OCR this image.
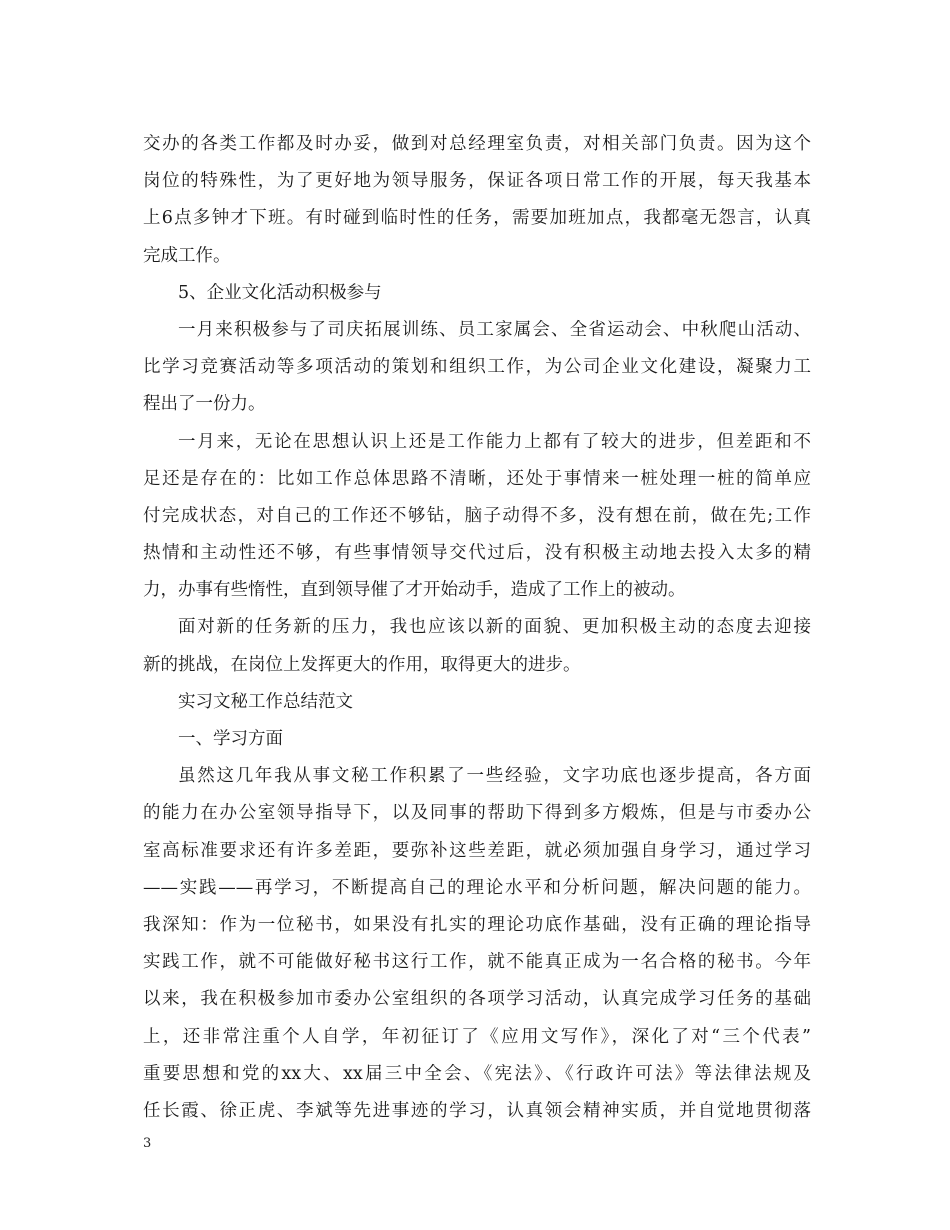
交办的各类工作都及时办妥，做到对总经理室负责，对相关部门负责。因为这个
岗位的特殊性，为了更好地为领导服务，保证各项日常工作的开展，每天我基本
上6点多钟才下班。有时碰到临时性的任务，需要加班加点，我都毫无怨言，认真
完成工作。
5、企业文化活动积极参与
一月来积极参与了司庆拓展训练、员工家属会、全省运动会、中秋爬山活动、
比学习竞赛活动等多项活动的策划和组织工作，为公司企业文化建设，凝聚力工
程出了一份力。
一月来，无论在思想认识上还是工作能力上都有了较大的进步，但差距和不
足还是存在的：比如工作总体思路不清晰，还处于事情来一桩处理一桩的简单应
付完成状态，对自己的工作还不够钻，脑子动得不多，没有想在前，做在先;工作
热情和主动性还不够，有些事情领导交代过后，没有积极主动地去投入太多的精
力，办事有些惰性，直到领导催了才开始动手，造成了工作上的被动。
面对新的任务新的压力，我也应该以新的面貌、更加积极主动的态度去迎接
新的挑战，在岗位上发挥更大的作用，取得更大的进步。
实习文秘工作总结范文
一、学习方面
虽然这几年我从事文秘工作积累了一些经验，文字功底也逐步提高，各方面
的能力在办公室领导指导下，以及同事的帮助下得到多方煅炼，但是与市委办公
室高标准要求还有许多差距，要弥补这些差距，就必须加强自身学习，通过学习
——实践——再学习，不断提高自己的理论水平和分析问题，解决问题的能力。
我深知：作为一位秘书，如果没有扎实的理论功底作基础，没有正确的理论指导
实践工作，就不可能做好秘书这行工作，就不能真正成为一名合格的秘书。今年
以来，我在积极参加市委办公室组织的各项学习活动，认真完成学习任务的基础
上，还非常注重个人自学，年初征订了《应用文写作》，深化了对“三个代表”
重要思想和党的xx大、xx届三中全会、《宪法》、《行政许可法》等法律法规及
任长霞、徐正虎、李斌等先进事迹的学习，认真领会精神实质，并自觉地贯彻落
3
